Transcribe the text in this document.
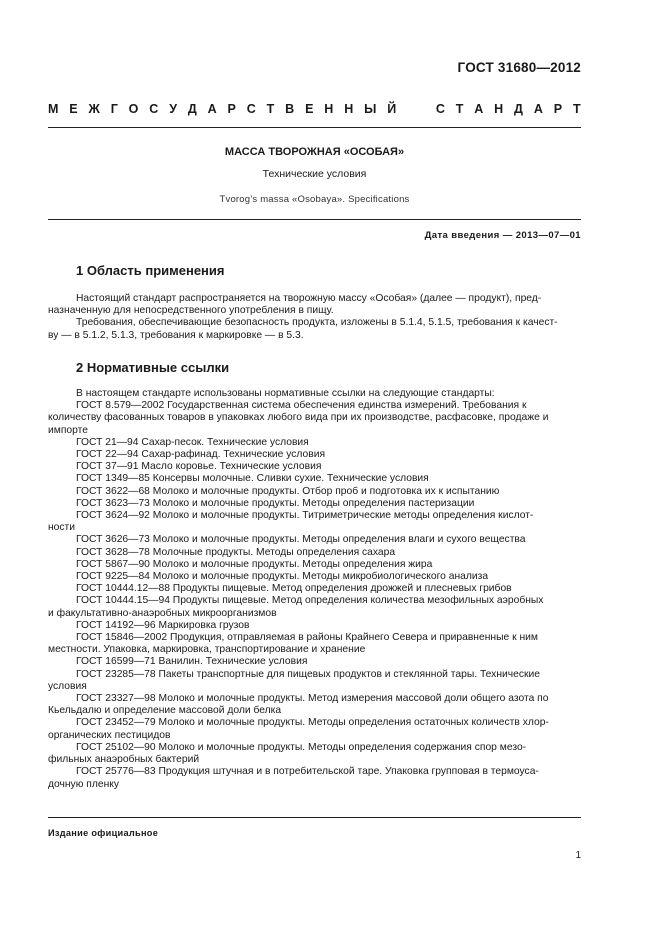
ГОСТ 31680—2012
М Е Ж Г О С У Д А Р С Т В Е Н Н Ы Й

	С Т А Н Д А Р Т
МАССА ТВОРОЖНАЯ «ОСОБАЯ»
Технические условия
Tvorog’s massa «Osobaya». Specifications
Дата введения — 2013—07—01
1 Область применения
Настоящий стандарт распространяется на творожную массу «Особая» (далее — продукт), пред-
назначенную для непосредственного употребления в пищу.
Требования, обеспечивающие безопасность продукта, изложены в 5.1.4, 5.1.5, требования к качест-
ву — в 5.1.2, 5.1.3, требования к маркировке — в 5.3.
2 Нормативные ссылки
В настоящем стандарте использованы нормативные ссылки на следующие стандарты:
ГОСТ 8.579—2002 Государственная система обеспечения единства измерений. Требования к
количеству фасованных товаров в упаковках любого вида при их производстве, расфасовке, продаже и
импорте
ГОСТ 21—94 Сахар-песок. Технические условия
ГОСТ 22—94 Сахар-рафинад. Технические условия
ГОСТ 37—91 Масло коровье. Технические условия
ГОСТ 1349—85 Консервы молочные. Сливки сухие. Технические условия
ГОСТ 3622—68 Молоко и молочные продукты. Отбор проб и подготовка их к испытанию
ГОСТ 3623—73 Молоко и молочные продукты. Методы определения пастеризации
ГОСТ 3624—92 Молоко и молочные продукты. Титриметрические методы определения кислот-
ности
ГОСТ 3626—73 Молоко и молочные продукты. Методы определения влаги и сухого вещества
ГОСТ 3628—78 Молочные продукты. Методы определения сахара
ГОСТ 5867—90 Молоко и молочные продукты. Методы определения жира
ГОСТ 9225—84 Молоко и молочные продукты. Методы микробиологического анализа
ГОСТ 10444.12—88 Продукты пищевые. Метод определения дрожжей и плесневых грибов
ГОСТ 10444.15—94 Продукты пищевые. Метод определения количества мезофильных аэробных
и факультативно-анаэробных микроорганизмов
ГОСТ 14192—96 Маркировка грузов
ГОСТ 15846—2002 Продукция, отправляемая в районы Крайнего Севера и приравненные к ним
местности. Упаковка, маркировка, транспортирование и хранение
ГОСТ 16599—71 Ванилин. Технические условия
ГОСТ 23285—78 Пакеты транспортные для пищевых продуктов и стеклянной тары. Технические
условия
ГОСТ 23327—98 Молоко и молочные продукты. Метод измерения массовой доли общего азота по
Кьельдалю и определение массовой доли белка
ГОСТ 23452—79 Молоко и молочные продукты. Методы определения остаточных количеств хлор-
органических пестицидов
ГОСТ 25102—90 Молоко и молочные продукты. Методы определения содержания спор мезо-
фильных анаэробных бактерий
ГОСТ 25776—83 Продукция штучная и в потребительской таре. Упаковка групповая в термоуса-
дочную пленку
Издание официальное
1
